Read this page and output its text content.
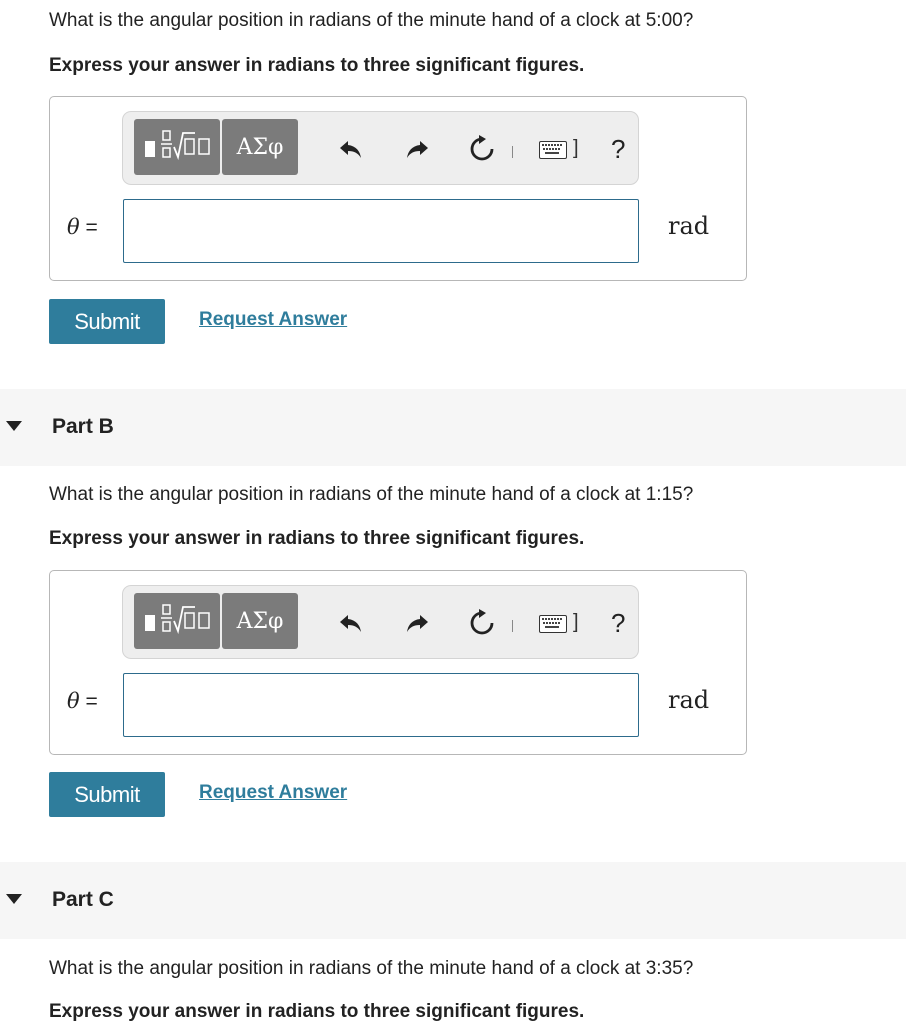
What is the angular position in radians of the minute hand of a clock at 5:00?

Express your answer in radians to three significant figures.

ΑΣφ	] ?
θ =	rad
Submit	Request Answer
Part B

What is the angular position in radians of the minute hand of a clock at 1:15?

Express your answer in radians to three significant figures.

ΑΣφ	] ?
θ =	rad
Submit	Request Answer
Part C

What is the angular position in radians of the minute hand of a clock at 3:35?

Express your answer in radians to three significant figures.
